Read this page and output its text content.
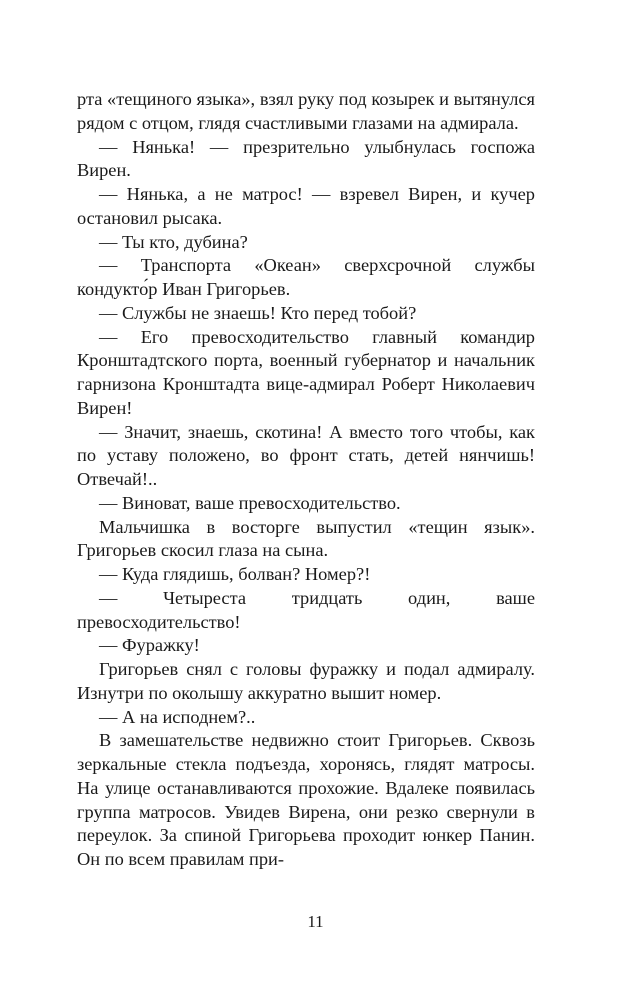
рта «тещиного языка», взял руку под козырек и вытянулся рядом с отцом, глядя счастливыми глазами на адмирала.

— Нянька! — презрительно улыбнулась госпожа Вирен.

— Нянька, а не матрос! — взревел Вирен, и кучер остановил рысака.

— Ты кто, дубина?

— Транспорта «Океан» сверхсрочной службы кондукто́р Иван Григорьев.

— Службы не знаешь! Кто перед тобой?

— Его превосходительство главный командир Кронштадтского порта, военный губернатор и начальник гарнизона Кронштадта вице-адмирал Роберт Николаевич Вирен!

— Значит, знаешь, скотина! А вместо того чтобы, как по уставу положено, во фронт стать, детей нянчишь! Отвечай!..

— Виноват, ваше превосходительство.

Мальчишка в восторге выпустил «тещин язык». Григорьев скосил глаза на сына.

— Куда глядишь, болван? Номер?!

— Четыреста тридцать один, ваше превосходительство!

— Фуражку!

Григорьев снял с головы фуражку и подал адмиралу. Изнутри по околышу аккуратно вышит номер.

— А на исподнем?..

В замешательстве недвижно стоит Григорьев. Сквозь зеркальные стекла подъезда, хоронясь, глядят матросы. На улице останавливаются прохожие. Вдалеке появилась группа матросов. Увидев Вирена, они резко свернули в переулок. За спиной Григорьева проходит юнкер Панин. Он по всем правилам при-

11
